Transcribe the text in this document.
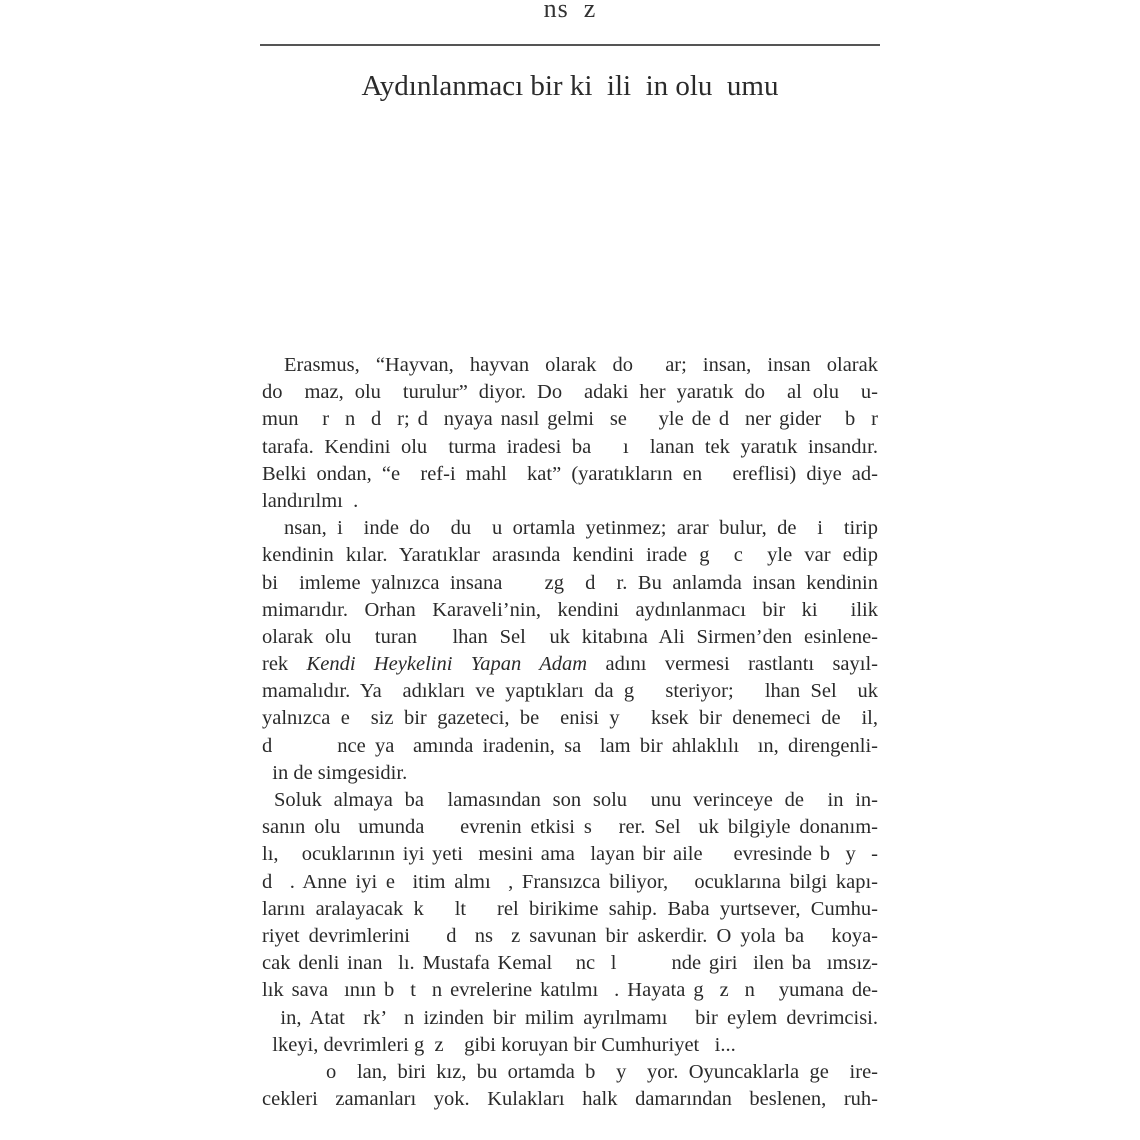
ns  z
Aydınlanmacı bir ki  ili  in olu  umu
Erasmus, “Hayvan, hayvan olarak do  ar; insan, insan olarak
do  maz, olu  turulur” diyor. Do  adaki her yaratık do  al olu  u-
mun   r  n  d  r; d  nyaya nasıl gelmi  se    yle de d  ner gider   b  r
tarafa. Kendini olu  turma iradesi ba   ı  lanan tek yaratık insandır.
Belki ondan, “e  ref-i mahl  kat” (yaratıkların en   ereflisi) diye ad-
landırılmı  .
nsan, i  inde do  du  u ortamla yetinmez; arar bulur, de  i  tirip
kendinin kılar. Yaratıklar arasında kendini irade g  c  yle var edip
bi  imleme yalnızca insana    zg  d  r. Bu anlamda insan kendinin
mimarıdır. Orhan Karaveli’nin, kendini aydınlanmacı bir ki  ilik
olarak olu  turan   lhan Sel  uk kitabına Ali Sirmen’den esinlene-
rek Kendi Heykelini Yapan Adam adını vermesi rastlantı sayıl-
mamalıdır. Ya  adıkları ve yaptıkları da g   steriyor;   lhan Sel  uk
yalnızca e  siz bir gazeteci, be  enisi y   ksek bir denemeci de  il,
d       nce ya  amında iradenin, sa  lam bir ahlaklılı  ın, direngenli-
in de simgesidir.
Soluk almaya ba  lamasından son solu  unu verinceye de  in in-
sanın olu  umunda    evrenin etkisi s   rer. Sel  uk bilgiyle donanım-
lı,   ocuklarının iyi yeti  mesini ama  layan bir aile    evresinde b  y  -
d  . Anne iyi e  itim almı  , Fransızca biliyor,   ocuklarına bilgi kapı-
larını aralayacak k   lt   rel birikime sahip. Baba yurtsever, Cumhu-
riyet devrimlerini    d  ns  z savunan bir askerdir. O yola ba   koya-
cak denli inan  lı. Mustafa Kemal   nc  l       nde giri  ilen ba  ımsız-
lık sava  ının b  t  n evrelerine katılmı  . Hayata g  z  n   yumana de-
in, Atat  rk’  n izinden bir milim ayrılmamı   bir eylem devrimcisi.
lkeyi, devrimleri g  z    gibi koruyan bir Cumhuriyet   i...
o  lan, biri kız, bu ortamda b  y  yor. Oyuncaklarla ge  ire-
cekleri zamanları yok. Kulakları halk damarından beslenen, ruh-
